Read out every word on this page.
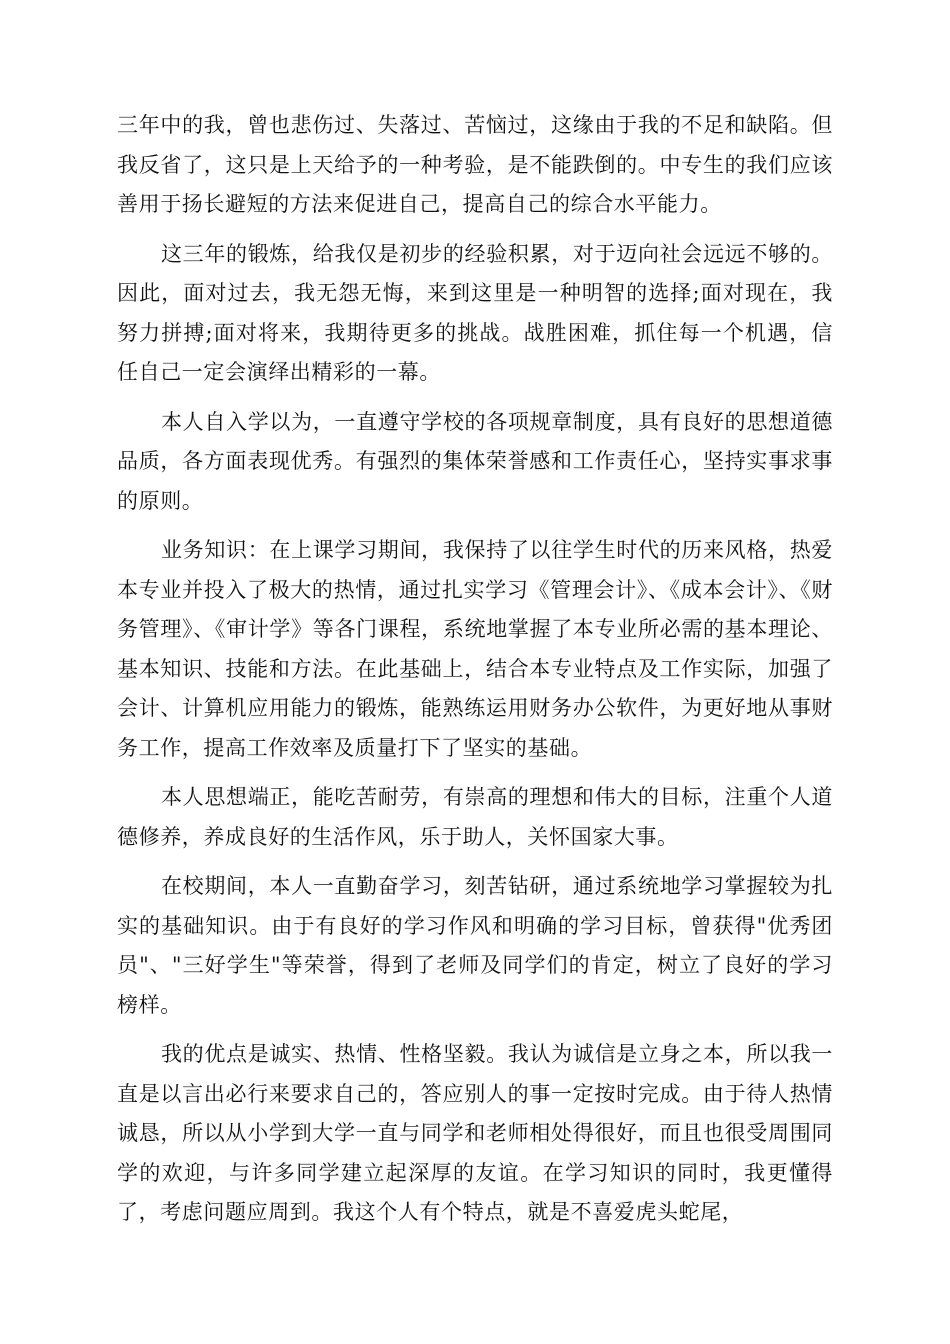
三年中的我，曾也悲伤过、失落过、苦恼过，这缘由于我的不足和缺陷。但我反省了，这只是上天给予的一种考验，是不能跌倒的。中专生的我们应该善用于扬长避短的方法来促进自己，提高自己的综合水平能力。

这三年的锻炼，给我仅是初步的经验积累，对于迈向社会远远不够的。因此，面对过去，我无怨无悔，来到这里是一种明智的选择;面对现在，我努力拼搏;面对将来，我期待更多的挑战。战胜困难，抓住每一个机遇，信任自己一定会演绎出精彩的一幕。

本人自入学以为，一直遵守学校的各项规章制度，具有良好的思想道德品质，各方面表现优秀。有强烈的集体荣誉感和工作责任心，坚持实事求事的原则。

业务知识：在上课学习期间，我保持了以往学生时代的历来风格，热爱本专业并投入了极大的热情，通过扎实学习《管理会计》、《成本会计》、《财务管理》、《审计学》等各门课程，系统地掌握了本专业所必需的基本理论、基本知识、技能和方法。在此基础上，结合本专业特点及工作实际，加强了会计、计算机应用能力的锻炼，能熟练运用财务办公软件，为更好地从事财务工作，提高工作效率及质量打下了坚实的基础。

本人思想端正，能吃苦耐劳，有崇高的理想和伟大的目标，注重个人道德修养，养成良好的生活作风，乐于助人，关怀国家大事。

在校期间，本人一直勤奋学习，刻苦钻研，通过系统地学习掌握较为扎实的基础知识。由于有良好的学习作风和明确的学习目标，曾获得"优秀团员"、"三好学生"等荣誉，得到了老师及同学们的肯定，树立了良好的学习榜样。

我的优点是诚实、热情、性格坚毅。我认为诚信是立身之本，所以我一直是以言出必行来要求自己的，答应别人的事一定按时完成。由于待人热情诚恳，所以从小学到大学一直与同学和老师相处得很好，而且也很受周围同学的欢迎，与许多同学建立起深厚的友谊。在学习知识的同时，我更懂得了，考虑问题应周到。我这个人有个特点，就是不喜爱虎头蛇尾，
